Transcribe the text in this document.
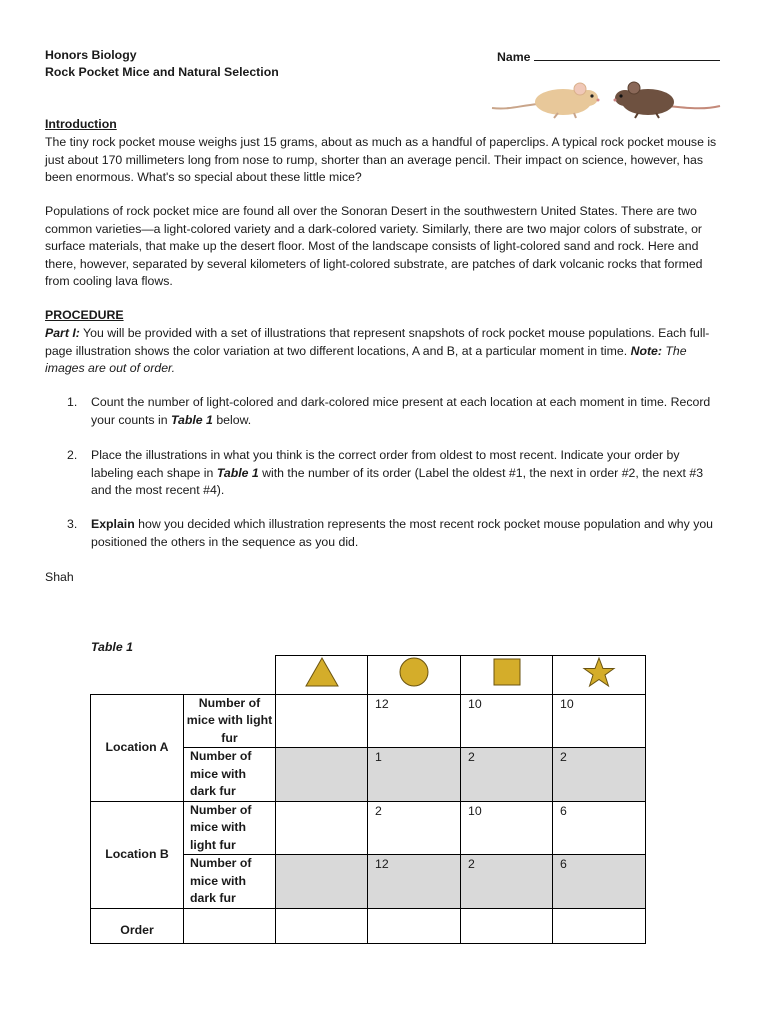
Honors Biology
Rock Pocket Mice and Natural Selection
Name
Introduction

The tiny rock pocket mouse weighs just 15 grams, about as much as a handful of paperclips. A typical rock pocket mouse is just about 170 millimeters long from nose to rump, shorter than an average pencil. Their impact on science, however, has been enormous. What's so special about these little mice?

Populations of rock pocket mice are found all over the Sonoran Desert in the southwestern United States. There are two common varieties—a light-colored variety and a dark-colored variety. Similarly, there are two major colors of substrate, or surface materials, that make up the desert floor. Most of the landscape consists of light-colored sand and rock. Here and there, however, separated by several kilometers of light-colored substrate, are patches of dark volcanic rocks that formed from cooling lava flows.

PROCEDURE

Part I: You will be provided with a set of illustrations that represent snapshots of rock pocket mouse populations. Each full-page illustration shows the color variation at two different locations, A and B, at a particular moment in time. Note: The images are out of order.

1. Count the number of light-colored and dark-colored mice present at each location at each moment in time. Record your counts in Table 1 below.

2. Place the illustrations in what you think is the correct order from oldest to most recent. Indicate your order by labeling each shape in Table 1 with the number of its order (Label the oldest #1, the next in order #2, the next #3 and the most recent #4).

3. Explain how you decided which illustration represents the most recent rock pocket mouse population and why you positioned the others in the sequence as you did.

Shah
Table 1

Location A	Number of mice with light fur		12	10	10
	Number of mice with dark fur		1	2	2
Location B	Number of mice with light fur		2	10	6
	Number of mice with dark fur		12	2	6
Order					
